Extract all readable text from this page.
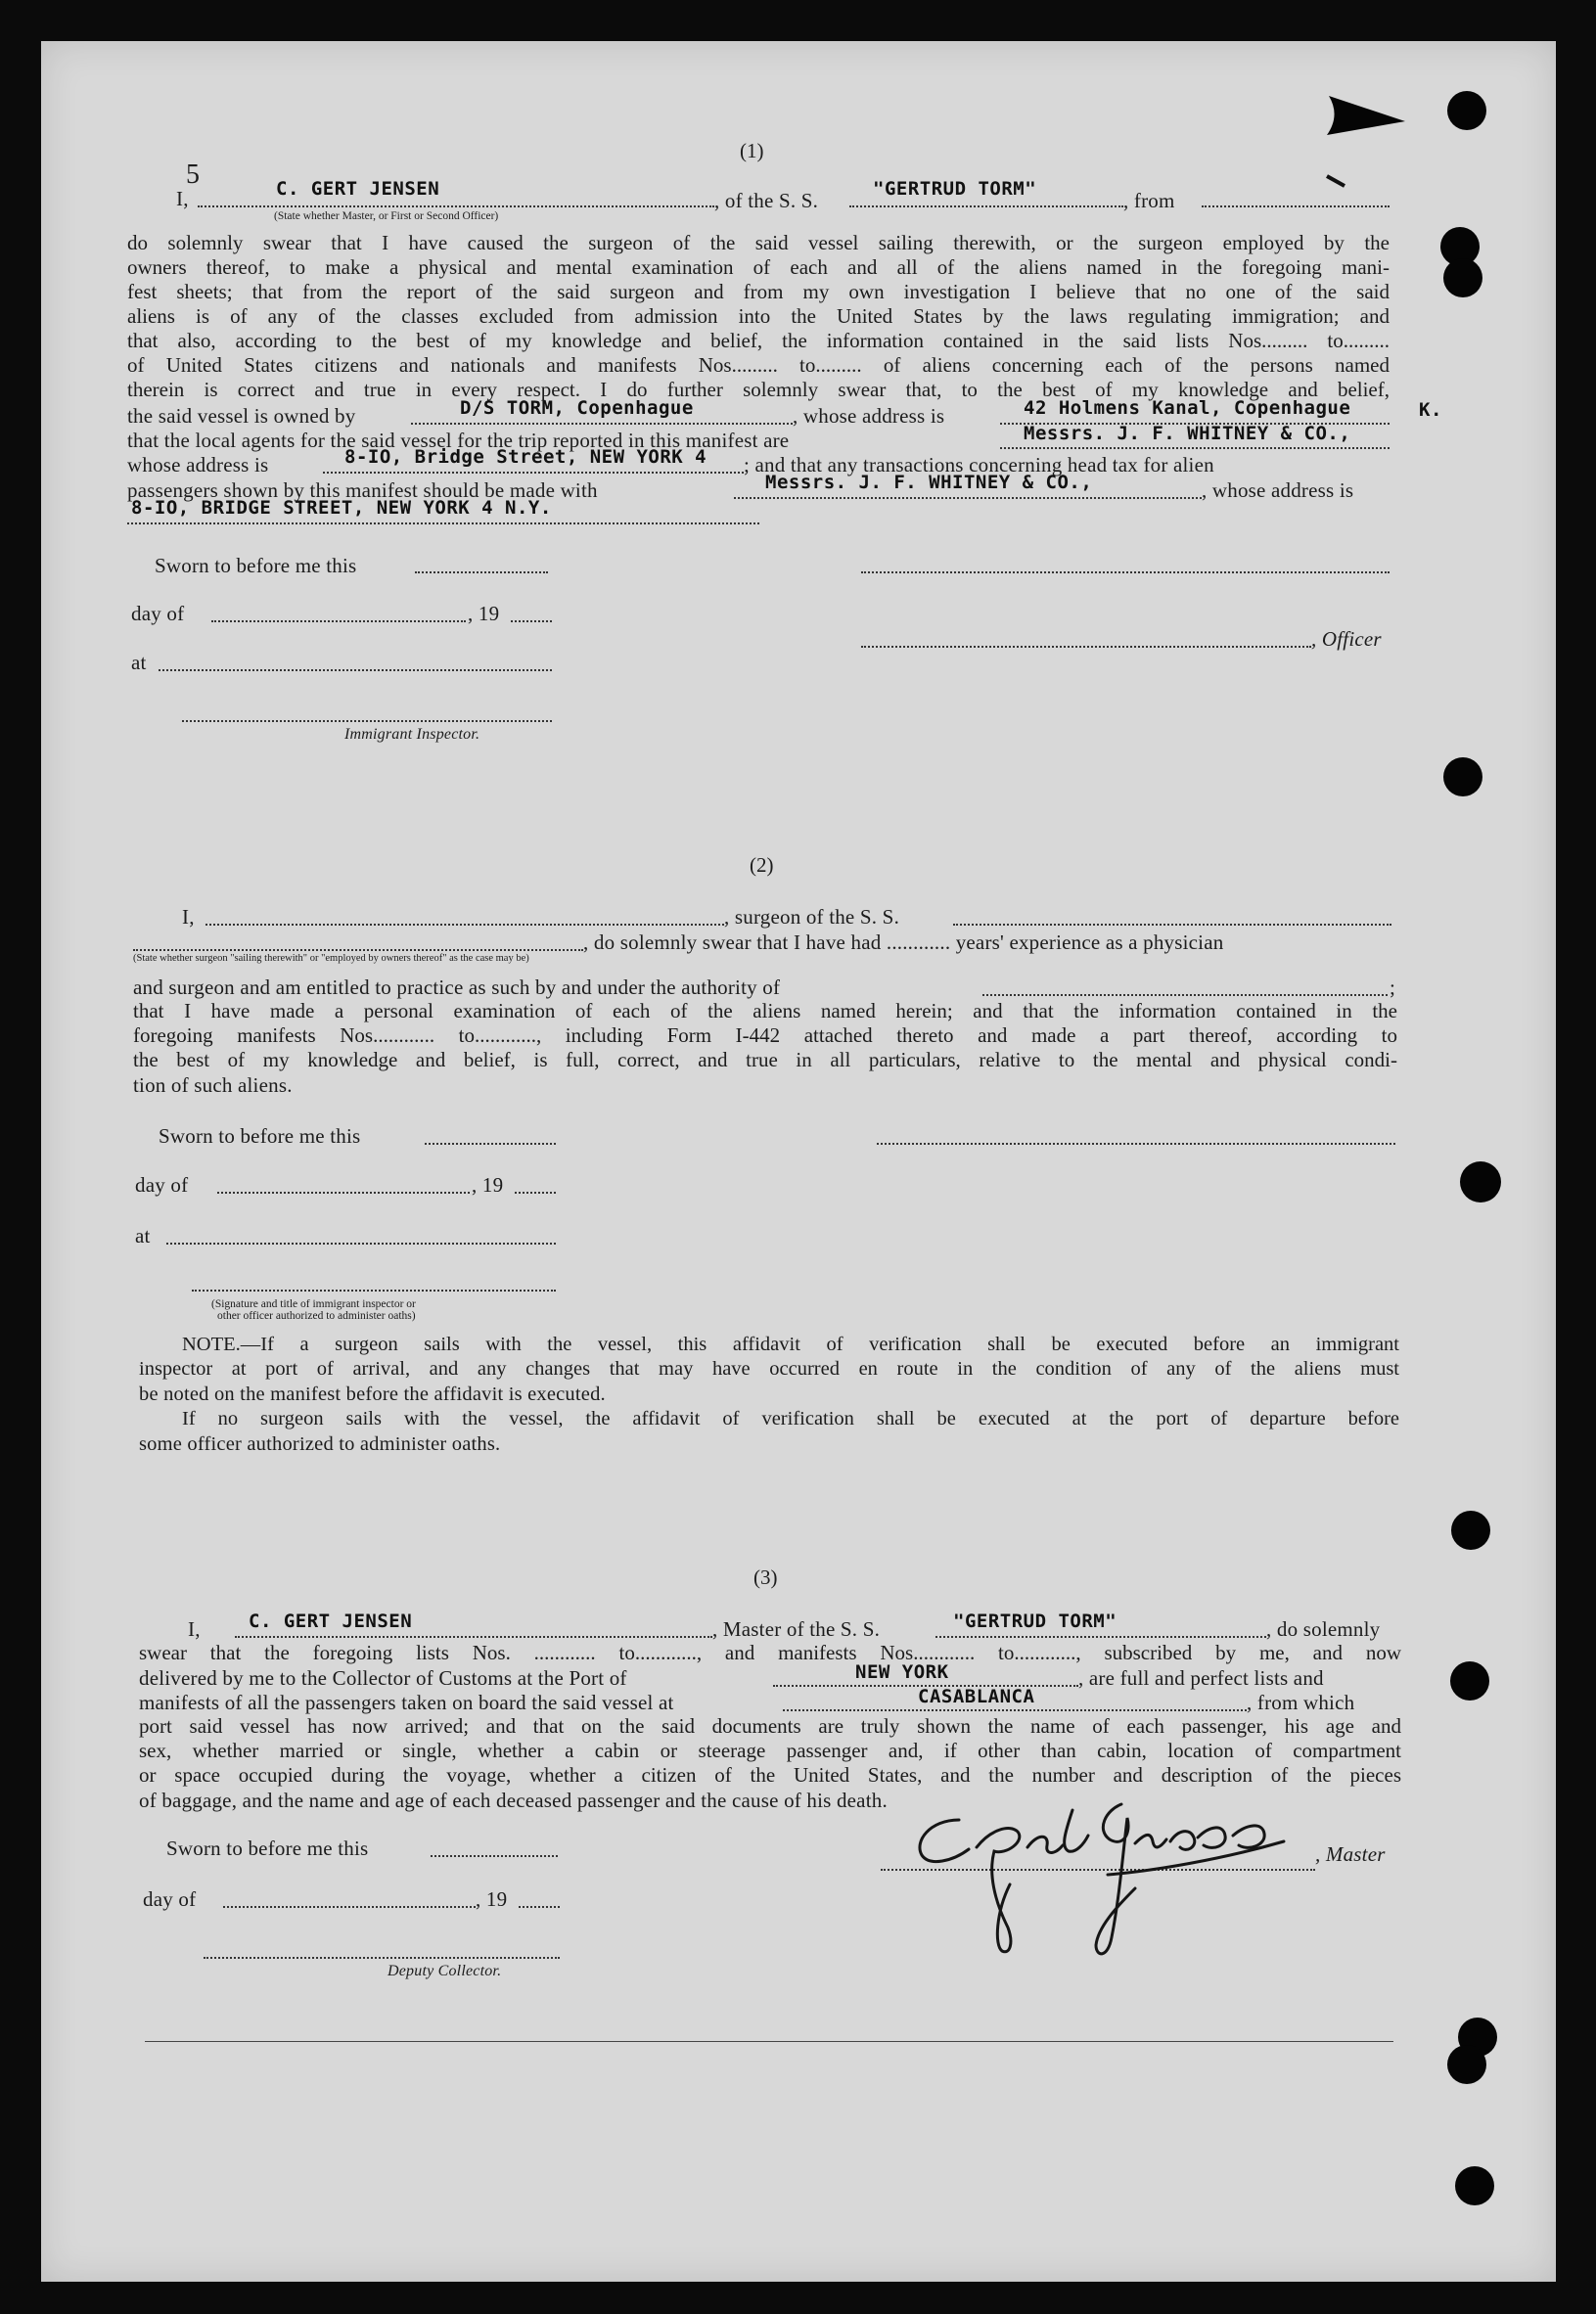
(1)
I,
5	C. GERT JENSEN
(State whether Master, or First or Second Officer)
, of the S. S.	"GERTRUD TORM"	, from
do solemnly swear that I have caused the surgeon of the said vessel sailing therewith, or the surgeon employed by the
owners thereof, to make a physical and mental examination of each and all of the aliens named in the foregoing mani-
fest sheets; that from the report of the said surgeon and from my own investigation I believe that no one of the said
aliens is of any of the classes excluded from admission into the United States by the laws regulating immigration; and
that also, according to the best of my knowledge and belief, the information contained in the said lists Nos......... to.........
of United States citizens and nationals and manifests Nos......... to......... of aliens concerning each of the persons named
therein is correct and true in every respect. I do further solemnly swear that, to the best of my knowledge and belief,
the said vessel is owned by	D/S TORM, Copenhague	, whose address is	42 Holmens Kanal, Copenhague	K.
that the local agents for the said vessel for the trip reported in this manifest are	Messrs. J. F. WHITNEY & CO.,
whose address is	8-IO, Bridge Street, NEW YORK 4 ; and that any transactions concerning head tax for alien
passengers shown by this manifest should be made with	Messrs. J. F. WHITNEY & CO.,	, whose address is
8-IO, BRIDGE STREET, NEW YORK 4 N.Y.
Sworn to before me this
day of	, 19
, Officer
at
Immigrant Inspector.
(2)
I,	, surgeon of the S. S.
, do solemnly swear that I have had ............ years' experience as a physician
(State whether surgeon "sailing therewith" or "employed by owners thereof" as the case may be)
and surgeon and am entitled to practice as such by and under the authority of	;
that I have made a personal examination of each of the aliens named herein; and that the information contained in the
foregoing manifests Nos............ to............, including Form I-442 attached thereto and made a part thereof, according to
the best of my knowledge and belief, is full, correct, and true in all particulars, relative to the mental and physical condi-
tion of such aliens.
Sworn to before me this
day of	, 19
at
(Signature and title of immigrant inspector or
other officer authorized to administer oaths)
NOTE.—If a surgeon sails with the vessel, this affidavit of verification shall be executed before an immigrant
inspector at port of arrival, and any changes that may have occurred en route in the condition of any of the aliens must
be noted on the manifest before the affidavit is executed.
If no surgeon sails with the vessel, the affidavit of verification shall be executed at the port of departure before
some officer authorized to administer oaths.
(3)
I,	C. GERT JENSEN	, Master of the S. S.	"GERTRUD TORM"	, do solemnly
swear that the foregoing lists Nos. ............ to............, and manifests Nos............ to............, subscribed by me, and now
delivered by me to the Collector of Customs at the Port of	NEW YORK	, are full and perfect lists and
manifests of all the passengers taken on board the said vessel at	CASABLANCA	, from which
port said vessel has now arrived; and that on the said documents are truly shown the name of each passenger, his age and
sex, whether married or single, whether a cabin or steerage passenger and, if other than cabin, location of compartment
or space occupied during the voyage, whether a citizen of the United States, and the number and description of the pieces
of baggage, and the name and age of each deceased passenger and the cause of his death.
Sworn to before me this	, Master
day of	, 19
Deputy Collector.
